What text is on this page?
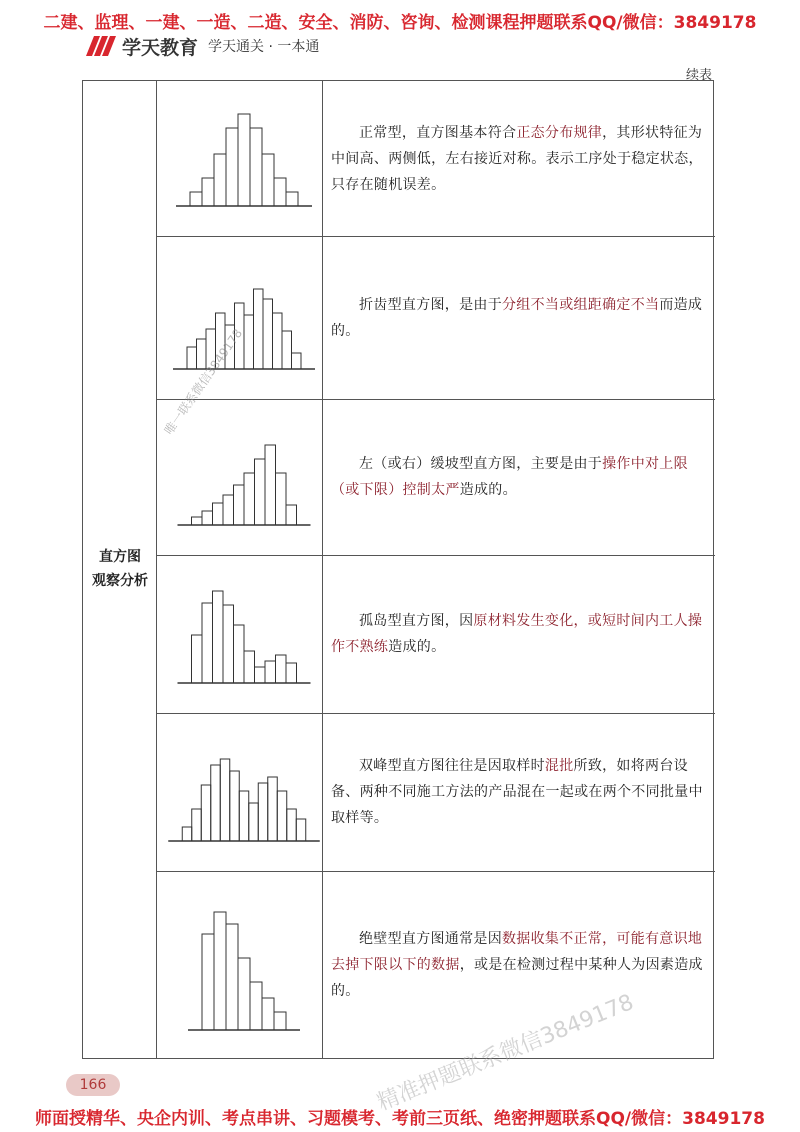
二建、监理、一建、一造、二造、安全、消防、咨询、检测课程押题联系QQ/微信：3849178
学天教育 学天通关 · 一本通
续表
直方图
观察分析

正常型，直方图基本符合正态分布规律，其形状特征为中间高、两侧低，左右接近对称。表示工序处于稳定状态，只存在随机误差。

折齿型直方图，是由于分组不当或组距确定不当而造成的。

左（或右）缓坡型直方图，主要是由于操作中对上限（或下限）控制太严造成的。

孤岛型直方图，因原材料发生变化，或短时间内工人操作不熟练造成的。

双峰型直方图往往是因取样时混批所致，如将两台设备、两种不同施工方法的产品混在一起或在两个不同批量中取样等。

绝壁型直方图通常是因数据收集不正常，可能有意识地去掉下限以下的数据，或是在检测过程中某种人为因素造成的。

166
师面授精华、央企内训、考点串讲、习题模考、考前三页纸、绝密押题联系QQ/微信：3849178
唯一联系微信3849178
精准押题联系微信3849178
